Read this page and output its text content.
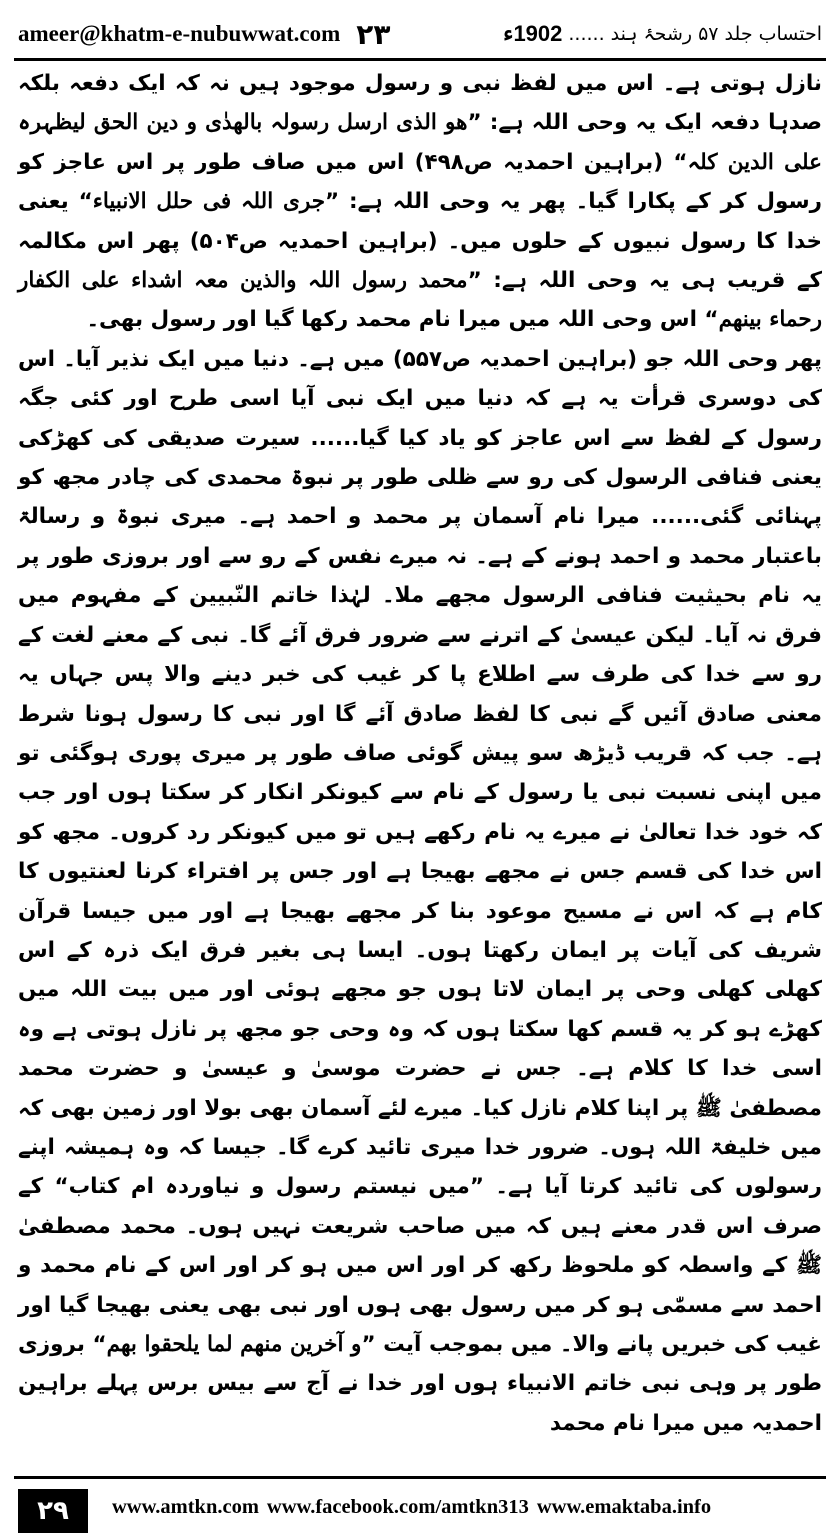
ameer@khatm-e-nubuwwat.com ۲۳	احتساب جلد ۵۷ رشحۂ ہند ......
1902ء

نازل ہوتی ہے۔ اس میں لفظ نبی و رسول موجود ہیں نہ کہ ایک دفعہ بلکہ صدہا دفعہ ایک یہ وحی اللہ ہے: ”ھو الذی ارسل رسولہ بالھدٰی و دین الحق لیظہرہ علی الدین کلہ“ (براہین احمدیہ ص۴۹۸) اس میں صاف طور پر اس عاجز کو رسول کر کے پکارا گیا۔ پھر یہ وحی اللہ ہے: ”جری اللہ فی حلل الانبیاء“ یعنی خدا کا رسول نبیوں کے حلوں میں۔ (براہین احمدیہ ص۵۰۴) پھر اس مکالمہ کے قریب ہی یہ وحی اللہ ہے: ”محمد رسول اللہ والذین معہ اشداء علی الکفار رحماء بینھم“ اس وحی اللہ میں میرا نام محمد رکھا گیا اور رسول بھی۔

پھر وحی اللہ جو (براہین احمدیہ ص۵۵۷) میں ہے۔ دنیا میں ایک نذیر آیا۔ اس کی دوسری قرأت یہ ہے کہ دنیا میں ایک نبی آیا اسی طرح اور کئی جگہ رسول کے لفظ سے اس عاجز کو یاد کیا گیا...... سیرت صدیقی کی کھڑکی یعنی فنافی الرسول کی رو سے ظلی طور پر نبوۃ محمدی کی چادر مجھ کو پہنائی گئی...... میرا نام آسمان پر محمد و احمد ہے۔ میری نبوۃ و رسالۃ باعتبار محمد و احمد ہونے کے ہے۔ نہ میرے نفس کے رو سے اور بروزی طور پر یہ نام بحیثیت فنافی الرسول مجھے ملا۔ لہٰذا خاتم النّبیین کے مفہوم میں فرق نہ آیا۔ لیکن عیسیٰ کے اترنے سے ضرور فرق آئے گا۔ نبی کے معنے لغت کے رو سے خدا کی طرف سے اطلاع پا کر غیب کی خبر دینے والا پس جہاں یہ معنی صادق آئیں گے نبی کا لفظ صادق آئے گا اور نبی کا رسول ہونا شرط ہے۔ جب کہ قریب ڈیڑھ سو پیش گوئی صاف طور پر میری پوری ہوگئی تو میں اپنی نسبت نبی یا رسول کے نام سے کیونکر انکار کر سکتا ہوں اور جب کہ خود خدا تعالیٰ نے میرے یہ نام رکھے ہیں تو میں کیونکر رد کروں۔ مجھ کو اس خدا کی قسم جس نے مجھے بھیجا ہے اور جس پر افتراء کرنا لعنتیوں کا کام ہے کہ اس نے مسیح موعود بنا کر مجھے بھیجا ہے اور میں جیسا قرآن شریف کی آیات پر ایمان رکھتا ہوں۔ ایسا ہی بغیر فرق ایک ذرہ کے اس کھلی کھلی وحی پر ایمان لاتا ہوں جو مجھے ہوئی اور میں بیت اللہ میں کھڑے ہو کر یہ قسم کھا سکتا ہوں کہ وہ وحی جو مجھ پر نازل ہوتی ہے وہ اسی خدا کا کلام ہے۔ جس نے حضرت موسیٰ و عیسیٰ و حضرت محمد مصطفیٰ ﷺ پر اپنا کلام نازل کیا۔ میرے لئے آسمان بھی بولا اور زمین بھی کہ میں خلیفۃ اللہ ہوں۔ ضرور خدا میری تائید کرے گا۔ جیسا کہ وہ ہمیشہ اپنے رسولوں کی تائید کرتا آیا ہے۔ ”میں نیستم رسول و نیاوردہ ام کتاب“ کے صرف اس قدر معنے ہیں کہ میں صاحب شریعت نہیں ہوں۔ محمد مصطفیٰ ﷺ کے واسطہ کو ملحوظ رکھ کر اور اس میں ہو کر اور اس کے نام محمد و احمد سے مسمّٰی ہو کر میں رسول بھی ہوں اور نبی بھی یعنی بھیجا گیا اور غیب کی خبریں پانے والا۔ میں بموجب آیت ”و آخرین منھم لما یلحقوا بھم“ بروزی طور پر وہی نبی خاتم الانبیاء ہوں اور خدا نے آج سے بیس برس پہلے براہین احمدیہ میں میرا نام محمد

۲۹	www.amtkn.com www.facebook.com/amtkn313 www.emaktaba.info
